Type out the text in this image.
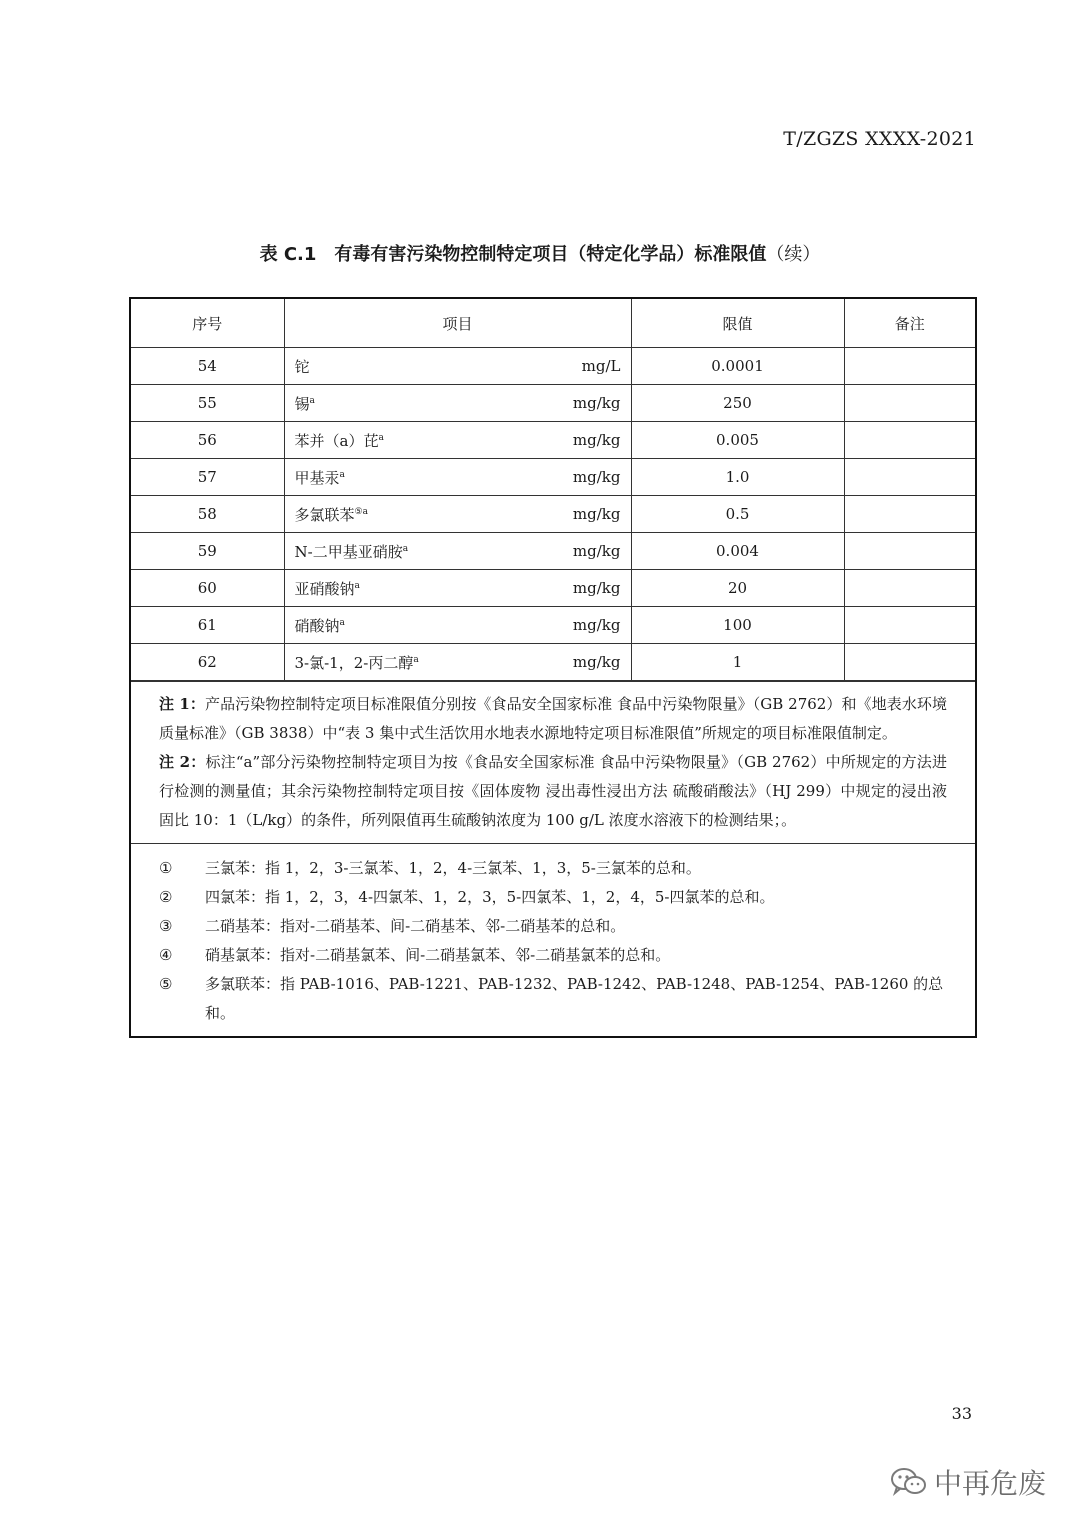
T/ZGZS XXXX-2021
表 C.1　有毒有害污染物控制特定项目（特定化学品）标准限值（续）
序号	项目	限值	备注
54	铊 mg/L	0.0001	
55	锡$^a$ mg/kg	250	
56	苯并（a）芘$^a$ mg/kg	0.005	
57	甲基汞$^a$ mg/kg	1.0	
58	多氯联苯$^{⑤a}$ mg/kg	0.5	
59	N-二甲基亚硝胺$^a$ mg/kg	0.004	
60	亚硝酸钠$^a$ mg/kg	20	
61	硝酸钠$^a$ mg/kg	100	
62	3-氯-1，2-丙二醇$^a$ mg/kg	1	
注 1：产品污染物控制特定项目标准限值分别按《食品安全国家标准 食品中污染物限量》（GB 2762）和《地表水环境质量标准》（GB 3838）中“表 3 集中式生活饮用水地表水源地特定项目标准限值”所规定的项目标准限值制定。
注 2：标注“a”部分污染物控制特定项目为按《食品安全国家标准 食品中污染物限量》（GB 2762）中所规定的方法进行检测的测量值；其余污染物控制特定项目按《固体废物 浸出毒性浸出方法 硫酸硝酸法》（HJ 299）中规定的浸出液固比 10：1（L/kg）的条件，所列限值再生硫酸钠浓度为 100 g/L 浓度水溶液下的检测结果；。
①	三氯苯：指 1，2，3-三氯苯、1，2，4-三氯苯、1，3，5-三氯苯的总和。
②	四氯苯：指 1，2，3，4-四氯苯、1，2，3，5-四氯苯、1，2，4，5-四氯苯的总和。
③	二硝基苯：指对-二硝基苯、间-二硝基苯、邻-二硝基苯的总和。
④	硝基氯苯：指对-二硝基氯苯、间-二硝基氯苯、邻-二硝基氯苯的总和。
⑤	多氯联苯：指 PAB-1016、PAB-1221、PAB-1232、PAB-1242、PAB-1248、PAB-1254、PAB-1260 的总和。
33
中再危废
